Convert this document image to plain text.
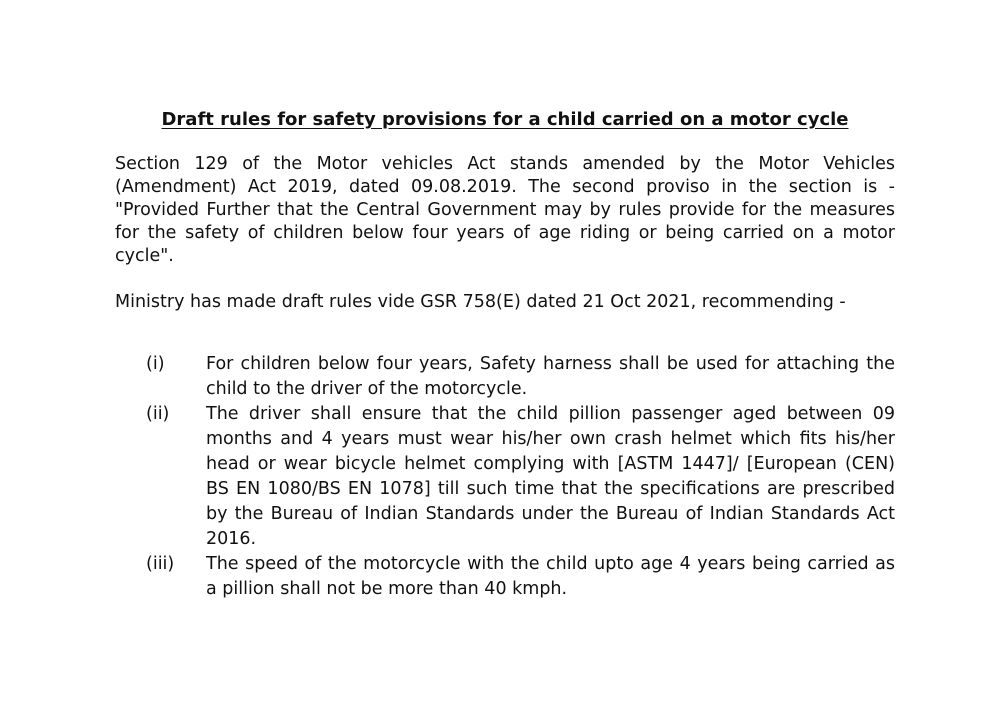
Draft rules for safety provisions for a child carried on a motor cycle

Section 129 of the Motor vehicles Act stands amended by the Motor Vehicles (Amendment) Act 2019, dated 09.08.2019. The second proviso in the section is - "Provided Further that the Central Government may by rules provide for the measures for the safety of children below four years of age riding or being carried on a motor cycle".

Ministry has made draft rules vide GSR 758(E) dated 21 Oct 2021, recommending -

(i)	For children below four years, Safety harness shall be used for attaching the child to the driver of the motorcycle.
(ii)	The driver shall ensure that the child pillion passenger aged between 09 months and 4 years must wear his/her own crash helmet which fits his/her head or wear bicycle helmet complying with [ASTM 1447]/ [European (CEN) BS EN 1080/BS EN 1078] till such time that the specifications are prescribed by the Bureau of Indian Standards under the Bureau of Indian Standards Act 2016.
(iii)	The speed of the motorcycle with the child upto age 4 years being carried as a pillion shall not be more than 40 kmph.
